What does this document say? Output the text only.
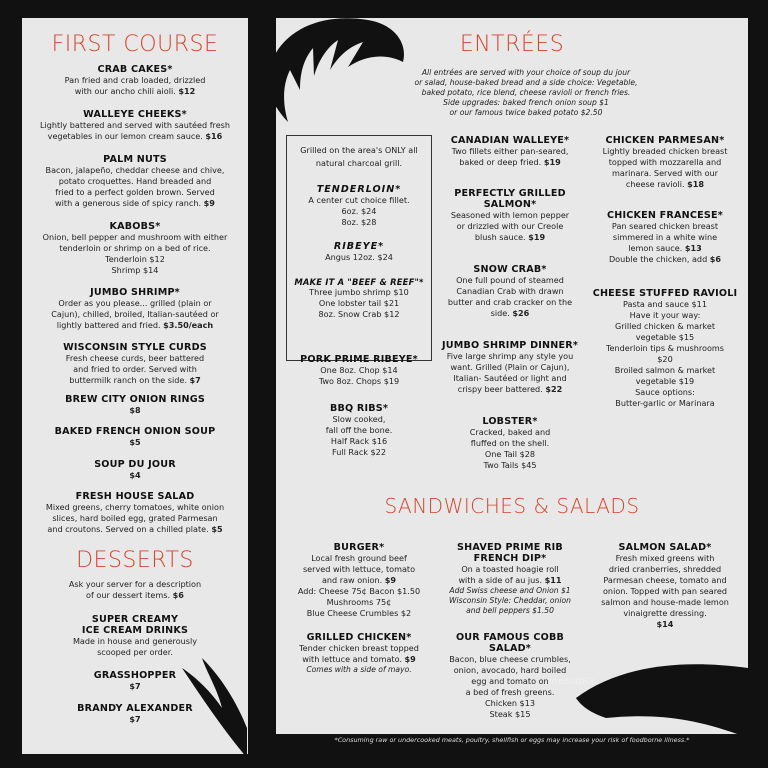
FIRST COURSE
CRAB CAKES*
Pan fried and crab loaded, drizzled
with our ancho chili aioli. $12
WALLEYE CHEEKS*
Lightly battered and served with sautéed fresh
vegetables in our lemon cream sauce. $16
PALM NUTS
Bacon, jalapeño, cheddar cheese and chive,
potato croquettes. Hand breaded and
fried to a perfect golden brown. Served
with a generous side of spicy ranch. $9
KABOBS*
Onion, bell pepper and mushroom with either
tenderloin or shrimp on a bed of rice.
Tenderloin $12
Shrimp $14
JUMBO SHRIMP*
Order as you please... grilled (plain or
Cajun), chilled, broiled, Italian-sautéed or
lightly battered and fried. $3.50/each
WISCONSIN STYLE CURDS
Fresh cheese curds, beer battered
and fried to order. Served with
buttermilk ranch on the side. $7
BREW CITY ONION RINGS
$8
BAKED FRENCH ONION SOUP
$5
SOUP DU JOUR
$4
FRESH HOUSE SALAD
Mixed greens, cherry tomatoes, white onion
slices, hard boiled egg, grated Parmesan
and croutons. Served on a chilled plate. $5
DESSERTS
Ask your server for a description
of our dessert items. $6
SUPER CREAMY
ICE CREAM DRINKS
Made in house and generously
scooped per order.
GRASSHOPPER
$7
BRANDY ALEXANDER
$7
ENTRÉES
All entrées are served with your choice of soup du jour
or salad, house-baked bread and a side choice: Vegetable,
baked potato, rice blend, cheese ravioli or french fries.
Side upgrades: baked french onion soup $1
or our famous twice baked potato $2.50
Grilled on the area's ONLY all
natural charcoal grill.
TENDERLOIN*
A center cut choice fillet.
6oz. $24
8oz. $28
RIBEYE*
Angus 12oz. $24
MAKE IT A "BEEF & REEF"*
Three jumbo shrimp $10
One lobster tail $21
8oz. Snow Crab $12
PORK PRIME RIBEYE*
One 8oz. Chop $14
Two 8oz. Chops $19
BBQ RIBS*
Slow cooked,
fall off the bone.
Half Rack $16
Full Rack $22
CANADIAN WALLEYE*
Two fillets either pan-seared,
baked or deep fried. $19
PERFECTLY GRILLED
SALMON*
Seasoned with lemon pepper
or drizzled with our Creole
blush sauce. $19
SNOW CRAB*
One full pound of steamed
Canadian Crab with drawn
butter and crab cracker on the
side. $26
JUMBO SHRIMP DINNER*
Five large shrimp any style you
want. Grilled (Plain or Cajun),
Italian- Sautéed or light and
crispy beer battered. $22
LOBSTER*
Cracked, baked and
fluffed on the shell.
One Tail $28
Two Tails $45
CHICKEN PARMESAN*
Lightly breaded chicken breast
topped with mozzarella and
marinara. Served with our
cheese ravioli. $18
CHICKEN FRANCESE*
Pan seared chicken breast
simmered in a white wine
lemon sauce. $13
Double the chicken, add $6
CHEESE STUFFED RAVIOLI
Pasta and sauce $11
Have it your way:
Grilled chicken & market
vegetable $15
Tenderloin tips & mushrooms
$20
Broiled salmon & market
vegetable $19
Sauce options:
Butter-garlic or Marinara
SANDWICHES & SALADS
BURGER*
Local fresh ground beef
served with lettuce, tomato
and raw onion. $9
Add: Cheese 75¢ Bacon $1.50
Mushrooms 75¢
Blue Cheese Crumbles $2
GRILLED CHICKEN*
Tender chicken breast topped
with lettuce and tomato. $9
Comes with a side of mayo.
SHAVED PRIME RIB
FRENCH DIP*
On a toasted hoagie roll
with a side of au jus. $11
Add Swiss cheese and Onion $1
Wisconsin Style: Cheddar, onion
and bell peppers $1.50
OUR FAMOUS COBB
SALAD*
Bacon, blue cheese crumbles,
onion, avocado, hard boiled
egg and tomato on
a bed of fresh greens.
Chicken $13
Steak $15
SALMON SALAD*
Fresh mixed greens with
dried cranberries, shredded
Parmesan cheese, tomato and
onion. Topped with pan seared
salmon and house-made lemon
vinaigrette dressing.
$14
menupix
*Consuming raw or undercooked meats, poultry, shellfish or eggs may increase your risk of foodborne illness.*
